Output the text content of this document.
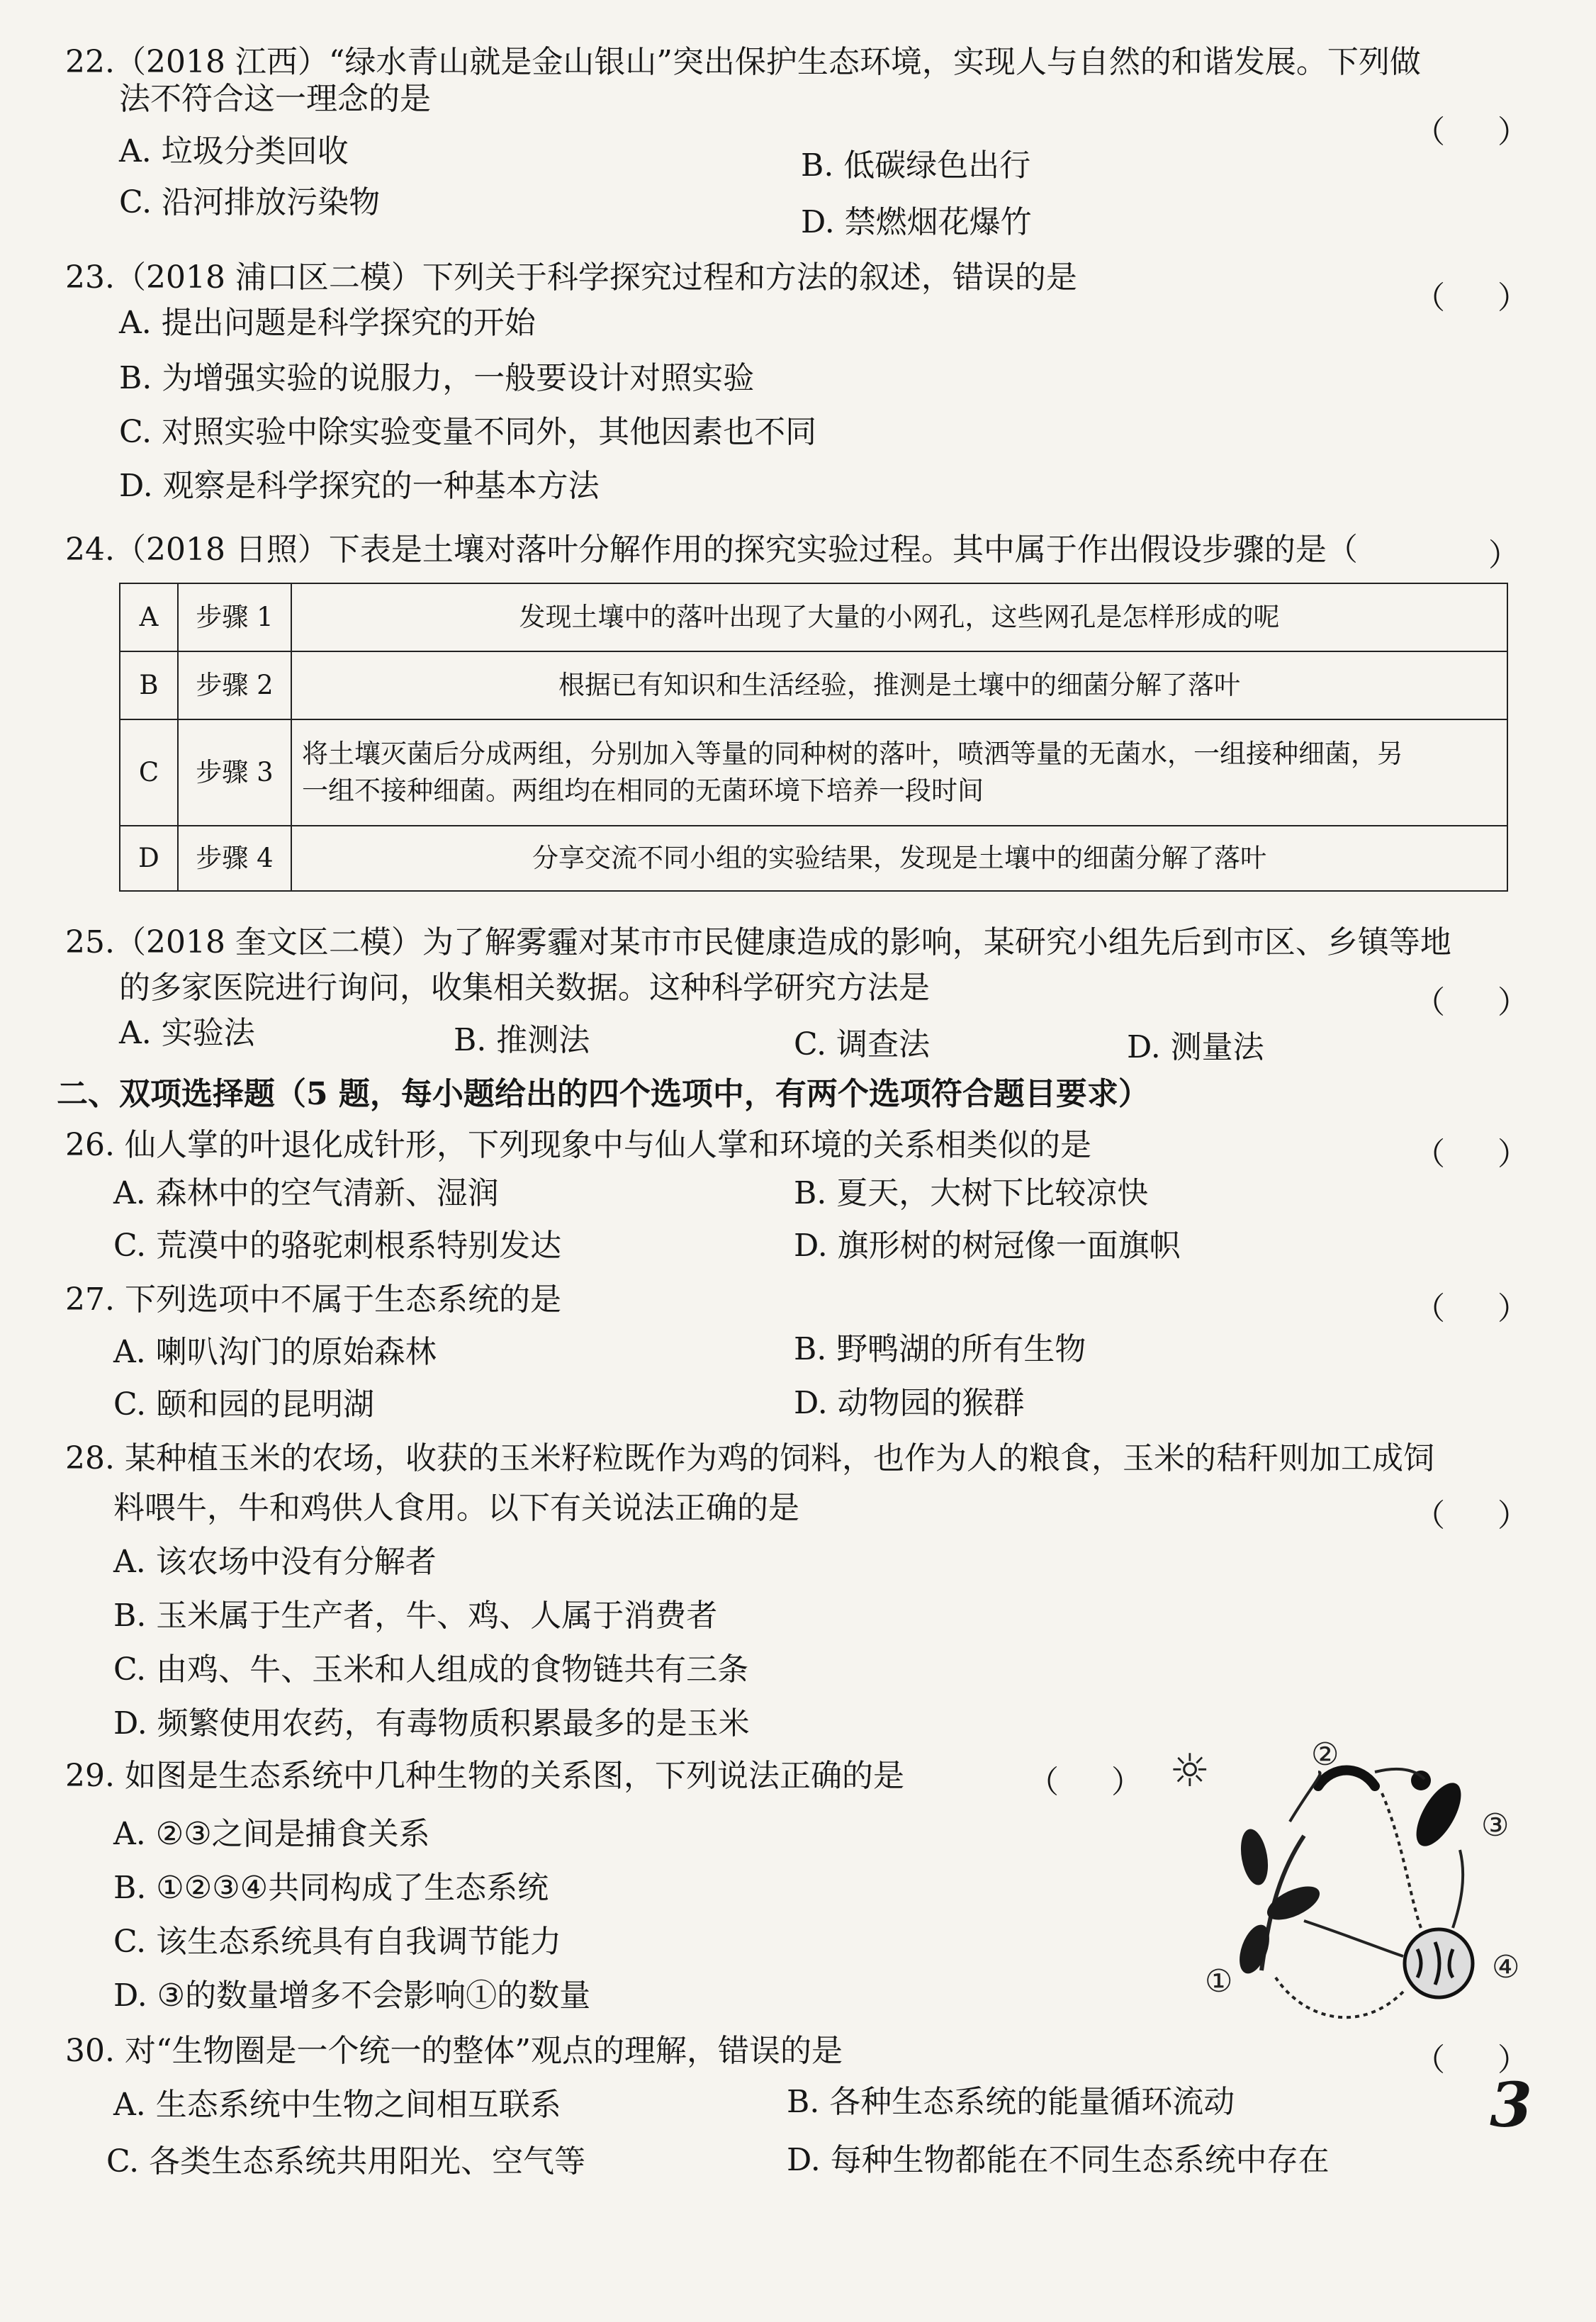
22.（2018 江西）“绿水青山就是金山银山”突出保护生态环境，实现人与自然的和谐发展。下列做
法不符合这一理念的是
（ ）
A. 垃圾分类回收	B. 低碳绿色出行
C. 沿河排放污染物
D. 禁燃烟花爆竹
23.（2018 浦口区二模）下列关于科学探究过程和方法的叙述，错误的是
（ ）
A. 提出问题是科学探究的开始
B. 为增强实验的说服力，一般要设计对照实验
C. 对照实验中除实验变量不同外，其他因素也不同
D. 观察是科学探究的一种基本方法
24.（2018 日照）下表是土壤对落叶分解作用的探究实验过程。其中属于作出假设步骤的是（	）
A	步骤 1	发现土壤中的落叶出现了大量的小网孔，这些网孔是怎样形成的呢
B	步骤 2	根据已有知识和生活经验，推测是土壤中的细菌分解了落叶
C	步骤 3	将土壤灭菌后分成两组，分别加入等量的同种树的落叶，喷洒等量的无菌水，一组接种细菌，另
一组不接种细菌。两组均在相同的无菌环境下培养一段时间

D	步骤 4	分享交流不同小组的实验结果，发现是土壤中的细菌分解了落叶
25.（2018 奎文区二模）为了解雾霾对某市市民健康造成的影响，某研究小组先后到市区、乡镇等地
的多家医院进行询问，收集相关数据。这种科学研究方法是	（ ）
A. 实验法	B. 推测法	C. 调查法	D. 测量法
二、双项选择题（5 题，每小题给出的四个选项中，有两个选项符合题目要求）
26. 仙人掌的叶退化成针形，下列现象中与仙人掌和环境的关系相类似的是	（ ）
A. 森林中的空气清新、湿润	B. 夏天，大树下比较凉快
C. 荒漠中的骆驼刺根系特别发达	D. 旗形树的树冠像一面旗帜
27. 下列选项中不属于生态系统的是	（ ）
A. 喇叭沟门的原始森林	B. 野鸭湖的所有生物
C. 颐和园的昆明湖	D. 动物园的猴群
28. 某种植玉米的农场，收获的玉米籽粒既作为鸡的饲料，也作为人的粮食，玉米的秸秆则加工成饲
料喂牛，牛和鸡供人食用。以下有关说法正确的是	（ ）
A. 该农场中没有分解者
B. 玉米属于生产者，牛、鸡、人属于消费者
C. 由鸡、牛、玉米和人组成的食物链共有三条
D. 频繁使用农药，有毒物质积累最多的是玉米
29. 如图是生态系统中几种生物的关系图，下列说法正确的是	（ ）
A. ②③之间是捕食关系
B. ①②③④共同构成了生态系统
C. 该生态系统具有自我调节能力
D. ③的数量增多不会影响①的数量
☼
①
②
③
④
30. 对“生物圈是一个统一的整体”观点的理解，错误的是	（ ）
A. 生态系统中生物之间相互联系	B. 各种生态系统的能量循环流动
C. 各类生态系统共用阳光、空气等	D. 每种生物都能在不同生态系统中存在
3
